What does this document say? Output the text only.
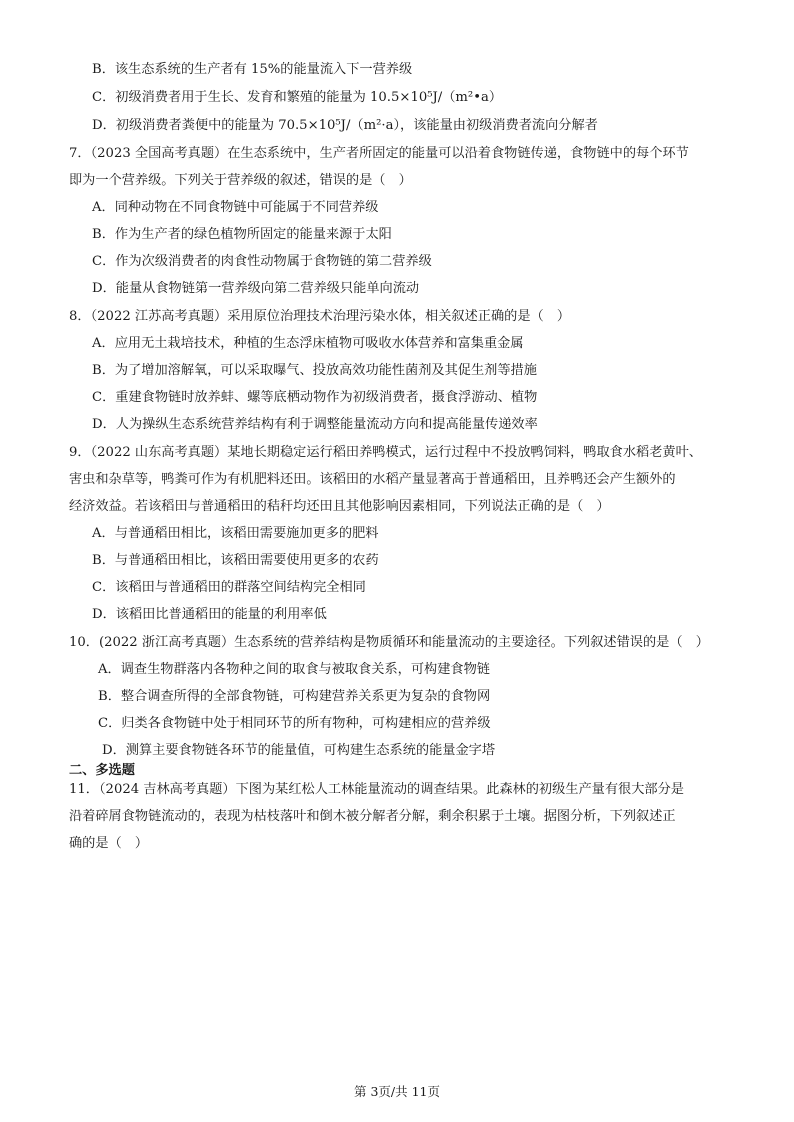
B．该生态系统的生产者有 15%的能量流入下一营养级
C．初级消费者用于生长、发育和繁殖的能量为 10.5×10⁵J/（m²•a）
D．初级消费者粪便中的能量为 70.5×10⁵J/（m²·a），该能量由初级消费者流向分解者
7．（2023 全国高考真题）在生态系统中，生产者所固定的能量可以沿着食物链传递，食物链中的每个环节
即为一个营养级。下列关于营养级的叙述，错误的是（　）
A．同种动物在不同食物链中可能属于不同营养级
B．作为生产者的绿色植物所固定的能量来源于太阳
C．作为次级消费者的肉食性动物属于食物链的第二营养级
D．能量从食物链第一营养级向第二营养级只能单向流动
8．（2022 江苏高考真题）采用原位治理技术治理污染水体，相关叙述正确的是（　）
A．应用无土栽培技术，种植的生态浮床植物可吸收水体营养和富集重金属
B．为了增加溶解氧，可以采取曝气、投放高效功能性菌剂及其促生剂等措施
C．重建食物链时放养蚌、螺等底栖动物作为初级消费者，摄食浮游动、植物
D．人为操纵生态系统营养结构有利于调整能量流动方向和提高能量传递效率
9．（2022 山东高考真题）某地长期稳定运行稻田养鸭模式，运行过程中不投放鸭饲料，鸭取食水稻老黄叶、
害虫和杂草等，鸭粪可作为有机肥料还田。该稻田的水稻产量显著高于普通稻田，且养鸭还会产生额外的
经济效益。若该稻田与普通稻田的秸秆均还田且其他影响因素相同，下列说法正确的是（　）
A．与普通稻田相比，该稻田需要施加更多的肥料
B．与普通稻田相比，该稻田需要使用更多的农药
C．该稻田与普通稻田的群落空间结构完全相同
D．该稻田比普通稻田的能量的利用率低
10．(2022 浙江高考真题）生态系统的营养结构是物质循环和能量流动的主要途径。下列叙述错误的是（　）
A．调查生物群落内各物种之间的取食与被取食关系，可构建食物链
B．整合调查所得的全部食物链，可构建营养关系更为复杂的食物网
C．归类各食物链中处于相同环节的所有物种，可构建相应的营养级
D．测算主要食物链各环节的能量值，可构建生态系统的能量金字塔
二、多选题
11．（2024 吉林高考真题）下图为某红松人工林能量流动的调查结果。此森林的初级生产量有很大部分是
沿着碎屑食物链流动的，表现为枯枝落叶和倒木被分解者分解，剩余积累于土壤。据图分析，下列叙述正
确的是（　）
第 3页/共 11页
